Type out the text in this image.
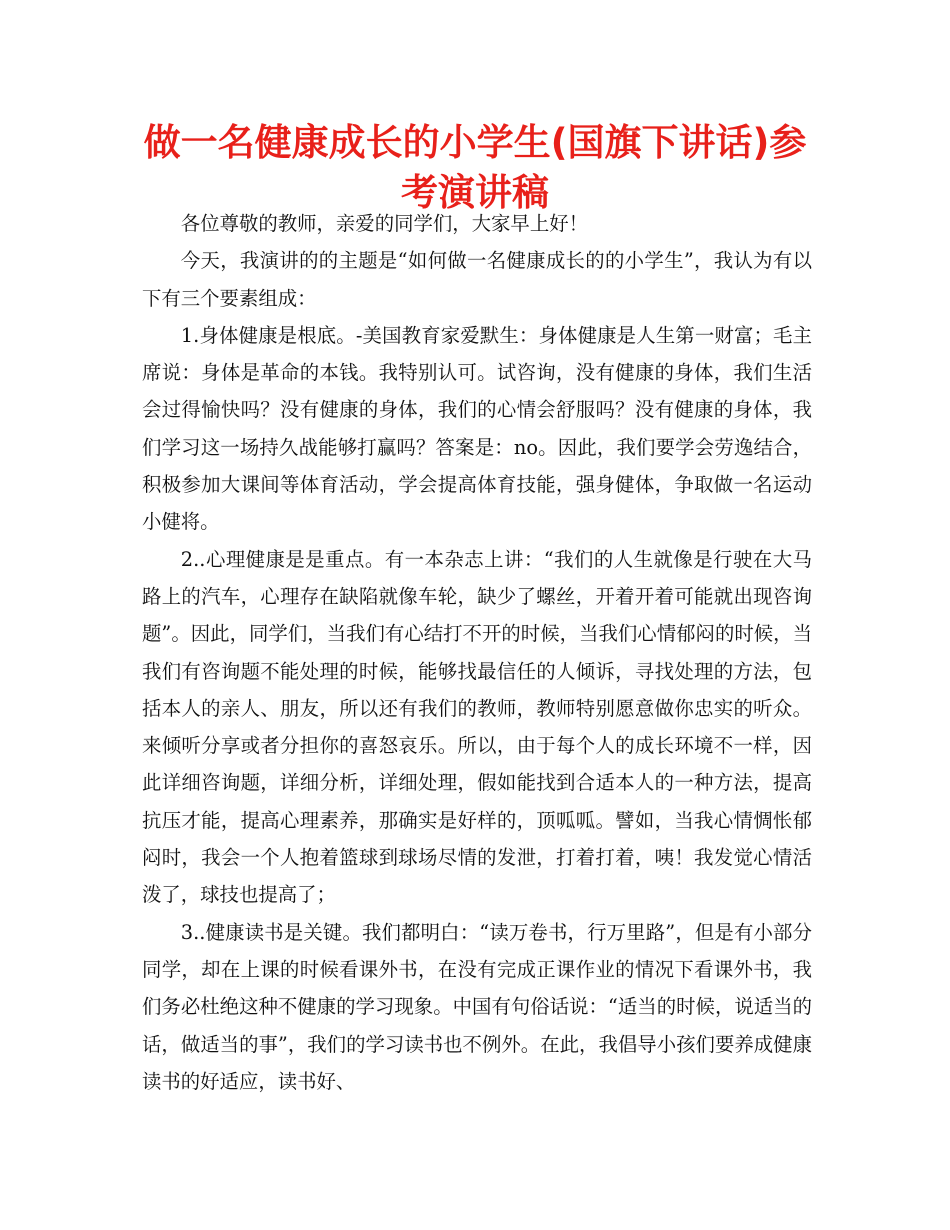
做一名健康成长的小学生(国旗下讲话)参考演讲稿

各位尊敬的教师，亲爱的同学们，大家早上好！

今天，我演讲的的主题是“如何做一名健康成长的的小学生”，我认为有以下有三个要素组成：

1.身体健康是根底。-美国教育家爱默生：身体健康是人生第一财富；毛主席说：身体是革命的本钱。我特别认可。试咨询，没有健康的身体，我们生活会过得愉快吗？没有健康的身体，我们的心情会舒服吗？没有健康的身体，我们学习这一场持久战能够打赢吗？答案是：no。因此，我们要学会劳逸结合，积极参加大课间等体育活动，学会提高体育技能，强身健体，争取做一名运动小健将。

2..心理健康是是重点。有一本杂志上讲：“我们的人生就像是行驶在大马路上的汽车，心理存在缺陷就像车轮，缺少了螺丝，开着开着可能就出现咨询题”。因此，同学们，当我们有心结打不开的时候，当我们心情郁闷的时候，当我们有咨询题不能处理的时候，能够找最信任的人倾诉，寻找处理的方法，包括本人的亲人、朋友，所以还有我们的教师，教师特别愿意做你忠实的听众。来倾听分享或者分担你的喜怒哀乐。所以，由于每个人的成长环境不一样，因此详细咨询题，详细分析，详细处理，假如能找到合适本人的一种方法，提高抗压才能，提高心理素养，那确实是好样的，顶呱呱。譬如，当我心情惆怅郁闷时，我会一个人抱着篮球到球场尽情的发泄，打着打着，咦！我发觉心情活泼了，球技也提高了；

3..健康读书是关键。我们都明白：“读万卷书，行万里路”，但是有小部分同学，却在上课的时候看课外书，在没有完成正课作业的情况下看课外书，我们务必杜绝这种不健康的学习现象。中国有句俗话说：“适当的时候，说适当的话，做适当的事”，我们的学习读书也不例外。在此，我倡导小孩们要养成健康读书的好适应，读书好、
